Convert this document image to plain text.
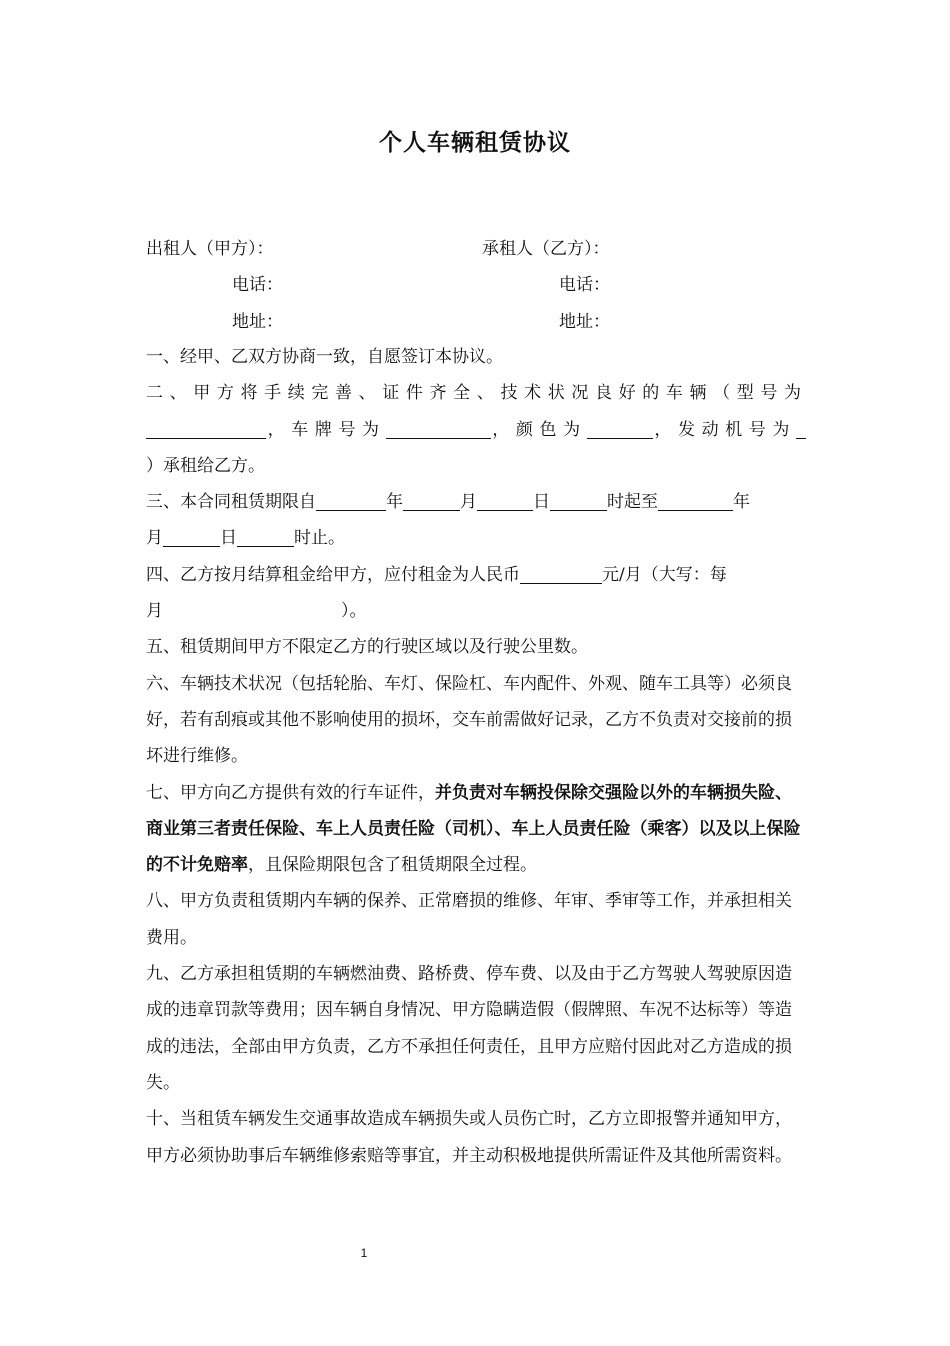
个人车辆租赁协议
出租人（甲方）：	承租人（乙方）：
电话：	电话：
地址：	地址：

一、经甲、乙双方协商一致，自愿签订本协议。

二、甲方将手续完善、证件齐全、技术状况良好的车辆（型号为

，车牌号为	，颜色为	，发动机号为

）承租给乙方。

三、本合同租赁期限自	年	月	日	时起至	年

月	日	时止。

四、乙方按月结算租金给甲方，应付租金为人民币	元/月（大写：每

月	）。

五、租赁期间甲方不限定乙方的行驶区域以及行驶公里数。

六、车辆技术状况（包括轮胎、车灯、保险杠、车内配件、外观、随车工具等）必须良好，若有刮痕或其他不影响使用的损坏，交车前需做好记录，乙方不负责对交接前的损坏进行维修。

七、甲方向乙方提供有效的行车证件，并负责对车辆投保除交强险以外的车辆损失险、商业第三者责任保险、车上人员责任险（司机）、车上人员责任险（乘客）以及以上保险的不计免赔率，且保险期限包含了租赁期限全过程。

八、甲方负责租赁期内车辆的保养、正常磨损的维修、年审、季审等工作，并承担相关费用。

九、乙方承担租赁期的车辆燃油费、路桥费、停车费、以及由于乙方驾驶人驾驶原因造成的违章罚款等费用；因车辆自身情况、甲方隐瞒造假（假牌照、车况不达标等）等造成的违法，全部由甲方负责，乙方不承担任何责任，且甲方应赔付因此对乙方造成的损失。

十、当租赁车辆发生交通事故造成车辆损失或人员伤亡时，乙方立即报警并通知甲方，甲方必须协助事后车辆维修索赔等事宜，并主动积极地提供所需证件及其他所需资料。

1
